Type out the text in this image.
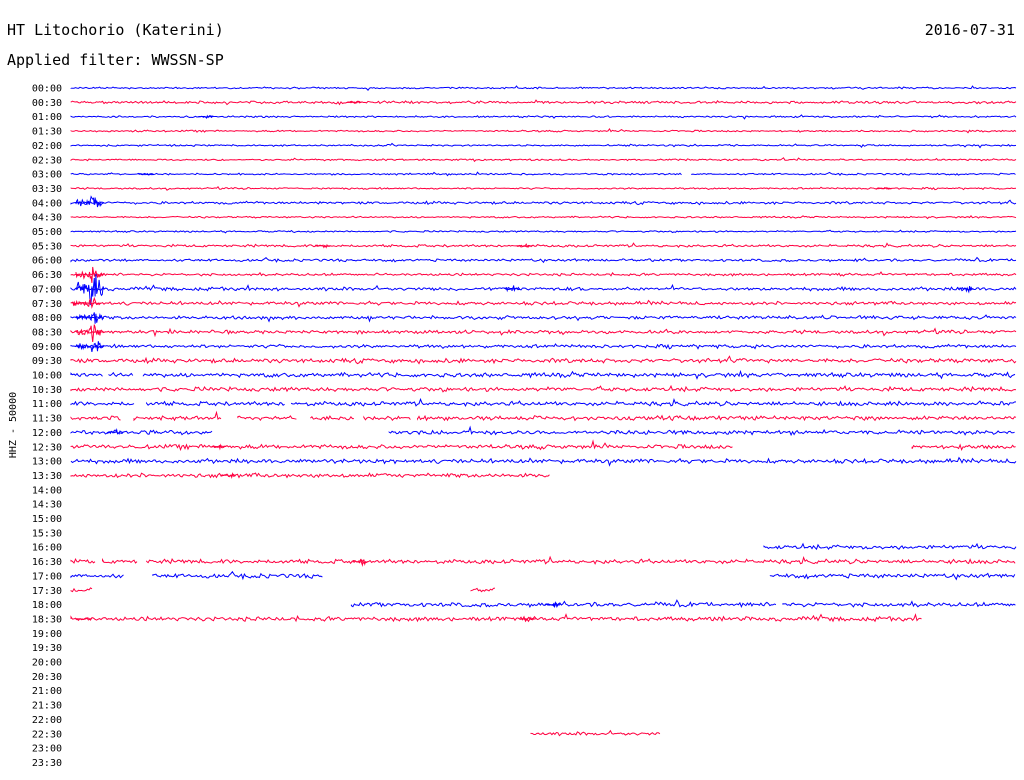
HT Litochorio (Katerini)	2016-07-31
Applied filter: WWSSN-SP
00:00
00:30
01:00
01:30
02:00
02:30
03:00
03:30
04:00
04:30
05:00
05:30
06:00
06:30
07:00
07:30
08:00
08:30
09:00
09:30
10:00
10:30
11:00
11:30
12:00
12:30
13:00
13:30
14:00
14:30
15:00
15:30
16:00
16:30
17:00
17:30
18:00
18:30
19:00
19:30
20:00
20:30
21:00
21:30
22:00
22:30
23:00
23:30
HHZ - 50000
